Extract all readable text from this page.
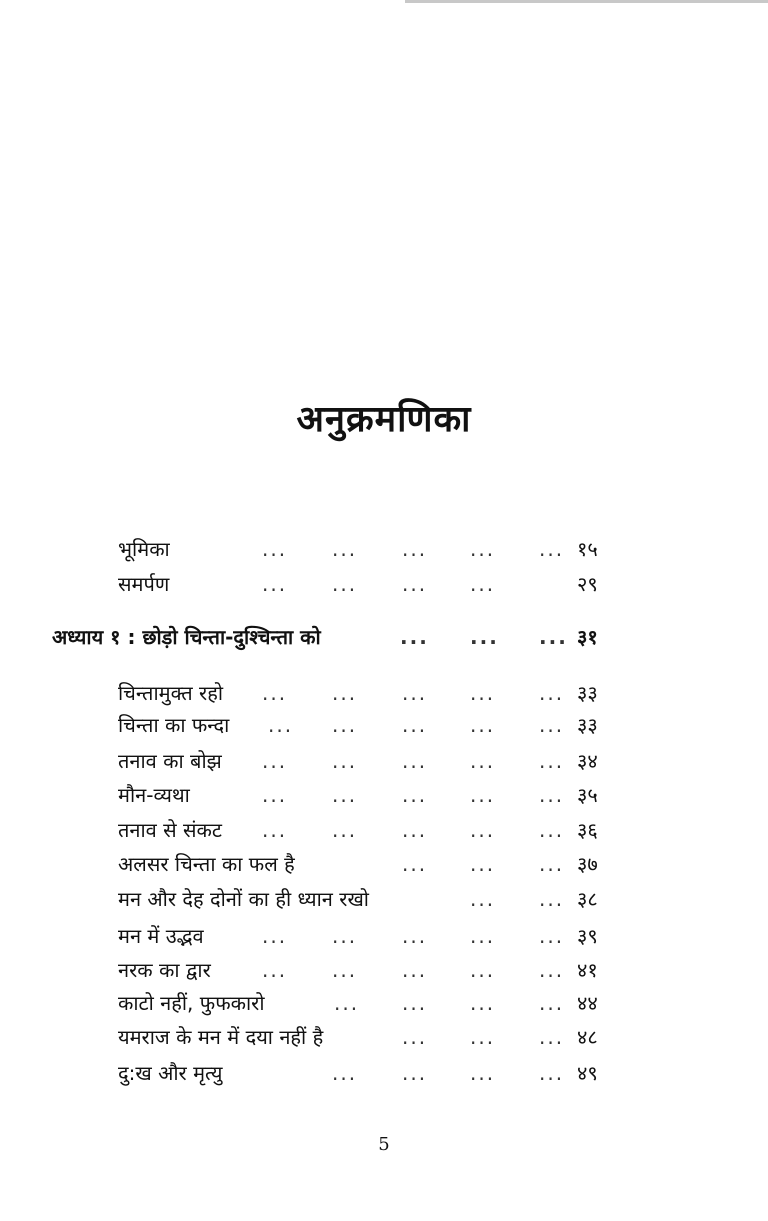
अनुक्रमणिका
भूमिका	... ... ... ... ... १५
समर्पण	... ... ... ...	२९
अध्याय १ : छोड़ो चिन्ता-दुश्चिन्ता को	... ... ... ३१
चिन्तामुक्त रहो ... ... ... ... ... ३३
चिन्ता का फन्दा ... ... ... ... ... ३३
तनाव का बोझ ... ... ... ... ... ३४
मौन-व्यथा	... ... ... ... ... ३५
तनाव से संकट ... ... ... ... ... ३६
अलसर चिन्ता का फल है	... ... ... ३७
मन और देह दोनों का ही ध्यान रखो	... ... ३८
मन में उद्भव	... ... ... ... ... ३९
नरक का द्वार	... ... ... ... ... ४१
काटो नहीं, फुफकारो	... ... ... ... ४४
यमराज के मन में दया नहीं है	... ... ... ४८
दु:ख और मृत्यु	... ... ... ... ४९
5
